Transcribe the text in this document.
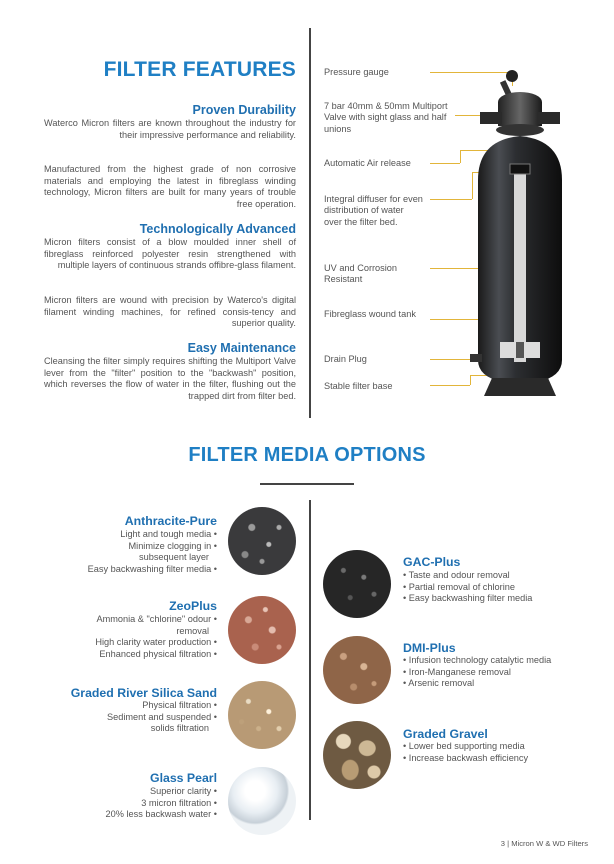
FILTER FEATURES
Proven Durability
Waterco Micron filters are known throughout the industry for their impressive performance and reliability.
Manufactured from the highest grade of non corrosive materials and employing the latest in fibreglass winding technology, Micron filters are built for many years of trouble free operation.
Technologically Advanced
Micron filters consist of a blow moulded inner shell of fibreglass reinforced polyester resin strengthened with multiple layers of continuous strands offibre-glass filament.
Micron filters are wound with precision by Waterco's digital filament winding machines, for refined consis-tency and superior quality.
Easy Maintenance
Cleansing the filter simply requires shifting the Multiport Valve lever from the "filter" position to the "backwash" position, which reverses the flow of water in the filter, flushing out the trapped dirt from filter bed.
Pressure gauge
7 bar 40mm & 50mm Multiport Valve with sight glass and half unions
Automatic Air release
Integral diffuser for even distribution of water over the filter bed.
UV and Corrosion Resistant
Fibreglass wound tank
Drain Plug
Stable filter base
FILTER MEDIA OPTIONS
Anthracite-Pure
Light and tough media •
Minimize clogging in •
subsequent layer
Easy backwashing filter media •
ZeoPlus
Ammonia & "chlorine" odour •
removal
High clarity water production •
Enhanced physical filtration •
Graded River Silica Sand
Physical filtration •
Sediment and suspended •
solids filtration
Glass Pearl
Superior clarity •
3 micron filtration •
20% less backwash water •
GAC-Plus
• Taste and odour removal
• Partial removal of chlorine
• Easy backwashing filter media
DMI-Plus
• Infusion technology catalytic media
• Iron-Manganese removal
• Arsenic removal
Graded Gravel
• Lower bed supporting media
• Increase backwash efficiency
3 | Micron W & WD Filters
